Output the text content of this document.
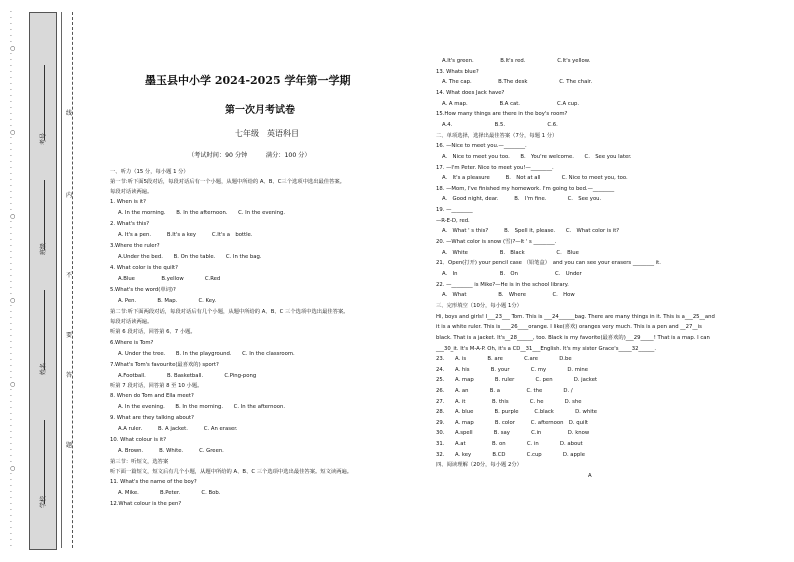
·
·
·
·
·
·
○
·
·
·
·
·
·
·
·
·
·
·
·
·
○
·
·
·
·
·
·
·
·
·
·
·
·
·
○
·
·
·
·
·
·
·
·
·
·
·
·
·
○
·
·
·
·
·
·
·
·
·
·
·
·
·
○
·
·
·
·
·
·
·
·
·
·
·
·
·
○
·
·
·
·
·
·
·
·
·
·
·
·
·
考号
班级
姓名
学校
线
内
不
要
答
题
墨玉县中小学 2024-2025 学年第一学期
第一次月考试卷
七年级　英语科目
（考试时间：90 分钟　　　满分：100 分）
一、听力（15 分，每小题 1 分）
第一节:听下面5段对话，每段对话后有一个小题，从题中所给的 A、B、C三个选项中选出最佳答案。
每段对话读两遍。
1. When is it?
A. In the morning.　　B. In the afternoon.　　C. In the evening.
2. What's this?
A. It's a pen.　　　B.It's a key　　　C.It's a　bottle.
3.Where the ruler?
A.Under the bed.　　B. On the table.　　C. In the bag.
4. What color is the quilt?
A.Blue　　　　　B.yellow　　　　C.Red
5.What's the word(单词)?
A. Pen.　　　　B. Map.　　　　C. Key.
第二节:听下面两段对话，每段对话后有几个小题，从题中所给的 A、B、C 三个选项中选出最佳答案。
每段对话读两遍。
听第 6 段对话，回答第 6、7 小题。
6.Where is Tom?
A. Under the tree.　　B. In the playground.　　C. In the classroom.
7.What's Tom's favourite(最喜欢的) sport?
A.Football.　　　　B. Basketball.　　　　C.Ping-pong
听第 7 段对话，回答第 8 至 10 小题。
8. When do Tom and Ella meet?
A. In the evening.　　B. In the morning.　　C. In the afternoon.
9. What are they talking about?
A.A ruler.　　　B. A jacket.　　　C. An eraser.
10. What colour is it?
A. Brown.　　　B. White.　　　C. Green.
第三节：听短文，选答案
听下面一篇短文，短文后有几个小题，从题中所给的 A、B、C 三个选项中选出最佳答案。短文读两遍。
11. What's the name of the boy?
A. Mike.　　　　B.Peter.　　　　C. Bob.
12.What colour is the pen?
A.It's green.　　　　　B.It's red.　　　　　　C.It's yellow.
13. Whats blue?
A. The cap.　　　　　B.The desk　　　　　　C. The chair.
14. What does Jack have?
A. A map.　　　　　　B.A cat.　　　　　　　C.A cup.
15.How many things are there in the boy's room?
A.4.　　　　　　　　B.5.　　　　　　　　C.6.
二、单项选择，选择出最佳答案（7分，每题 1 分）
16. —Nice to meet you.—________.
A.　Nice to meet you too.　　B.　You're welcome.　　C.　See you later.
17. —I'm Peter. Nice to meet you!—________.
A.　It's a pleasure　　　B.　Not at all　　　　C. Nice to meet you, too.
18. —Mom, I've finished my homework. I'm going to bed.—________
A.　Good night, dear.　　　B.　I'm fine.　　　　C.　See you.
19. —________
—R-E-D, red.
A.　What ' s this?　　　B.　Spell it, please.　　C.　What color is it?
20. —What color is snow (雪)?—It ' s ________.
A.　White　　　　　　B.　Black　　　　　　C.　Blue
21．Open(打开) your pencil case （铅笔盒）　and you can see your erasers ________ it.
A.　In　　　　　　　　B.　On　　　　　　　C.　Under
22. —________ is Mike?—He is in the school library.
A.　What　　　　　　B.　Where　　　　　C.　How
三、完形填空（10分，每小题 1分）
Hi, boys and girls! I___23___ Tom. This is ___24______bag. There are many things in it. This is a___25__and
it is a white ruler. This is____26____orange. I like(喜欢) oranges very much. This is a pen and __27__is
black. That is a jacket. It's__28______, too. Black is my favorite(最喜欢的)___29_____! That is a map. I can
___30_it. It's M-A-P. Oh, it's a CD__31___English. It's my sister Grace's_____32______.
23.　　A. is　　　　B. are　　　　C.are　　　　D.be
24.　　A. his　　　　B. your　　　　C. my　　　　D. mine
25.　　A. map　　　　B. ruler　　　　C. pen　　　　D. jacket
26.　　A. an　　　　B. a　　　　　C. the　　　　D. /
27.　　A. it　　　　　B. this　　　　C. he　　　　D. she
28.　　A. blue　　　　B. purple　　　C.black　　　　D. white
29.　　A. map　　　　B. color　　　C. afternoon　D. quilt
30.　　A.spell　　　　B. say　　　　C.in　　　　　D. know
31.　　A.at　　　　　B. on　　　　C. in　　　　D. about
32.　　A. key　　　　B.CD　　　　C.cup　　　　D. apple
四、阅读理解（20分，每小题 2分）
A
